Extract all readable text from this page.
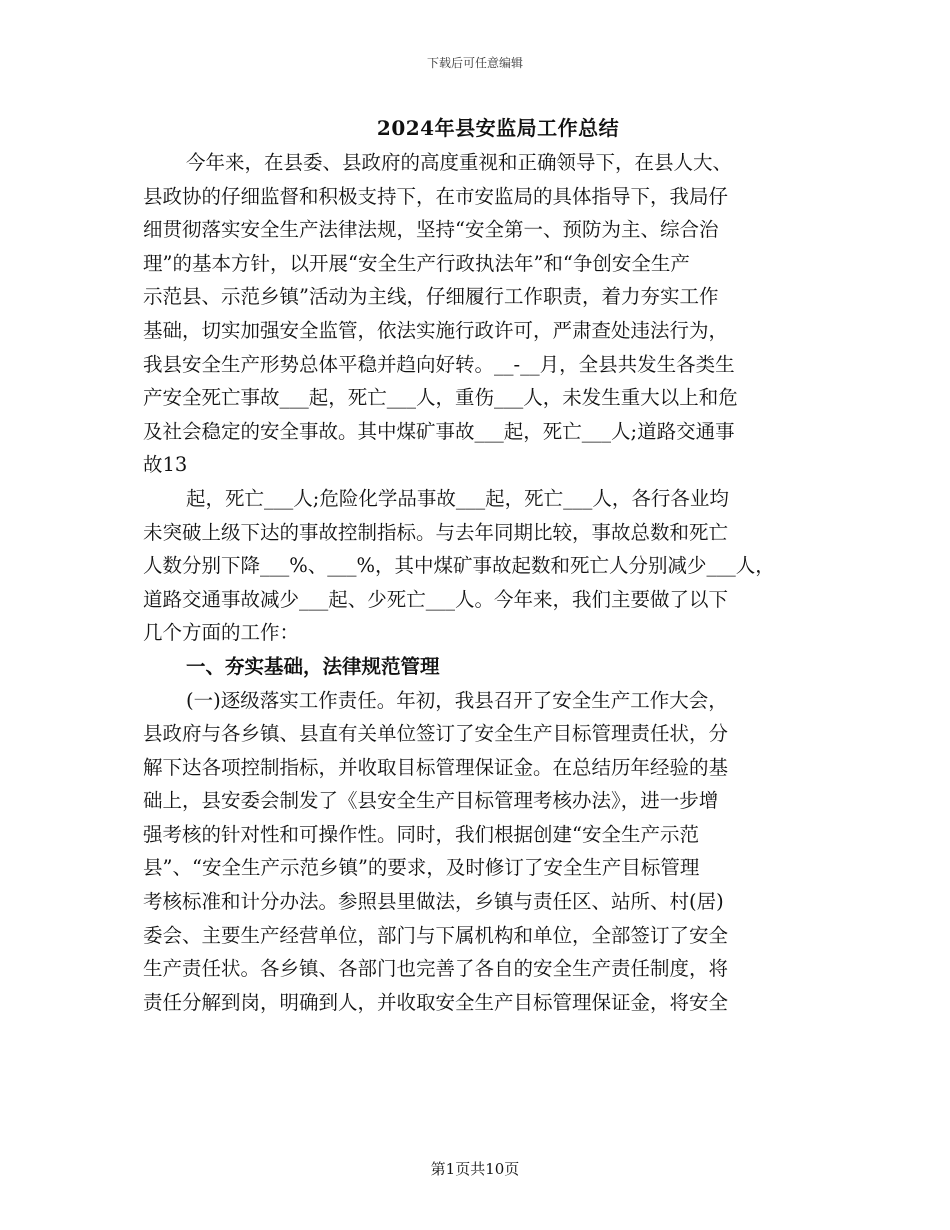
下载后可任意编辑
2024年县安监局工作总结
今年来，在县委、县政府的高度重视和正确领导下，在县人大、
县政协的仔细监督和积极支持下，在市安监局的具体指导下，我局仔
细贯彻落实安全生产法律法规，坚持“安全第一、预防为主、综合治
理”的基本方针，以开展“安全生产行政执法年”和“争创安全生产
示范县、示范乡镇”活动为主线，仔细履行工作职责，着力夯实工作
基础，切实加强安全监管，依法实施行政许可，严肃查处违法行为，
我县安全生产形势总体平稳并趋向好转。__-__月，全县共发生各类生
产安全死亡事故___起，死亡___人，重伤___人，未发生重大以上和危
及社会稳定的安全事故。其中煤矿事故___起，死亡___人;道路交通事
故13
起，死亡___人;危险化学品事故___起，死亡___人，各行各业均
未突破上级下达的事故控制指标。与去年同期比较，事故总数和死亡
人数分别下降___%、___%，其中煤矿事故起数和死亡人分别减少___人，
道路交通事故减少___起、少死亡___人。今年来，我们主要做了以下
几个方面的工作：
一、夯实基础，法律规范管理
(一)逐级落实工作责任。年初，我县召开了安全生产工作大会，
县政府与各乡镇、县直有关单位签订了安全生产目标管理责任状，分
解下达各项控制指标，并收取目标管理保证金。在总结历年经验的基
础上，县安委会制发了《县安全生产目标管理考核办法》，进一步增
强考核的针对性和可操作性。同时，我们根据创建“安全生产示范
县”、“安全生产示范乡镇”的要求，及时修订了安全生产目标管理
考核标准和计分办法。参照县里做法，乡镇与责任区、站所、村(居)
委会、主要生产经营单位，部门与下属机构和单位，全部签订了安全
生产责任状。各乡镇、各部门也完善了各自的安全生产责任制度，将
责任分解到岗，明确到人，并收取安全生产目标管理保证金，将安全
第1页共10页
